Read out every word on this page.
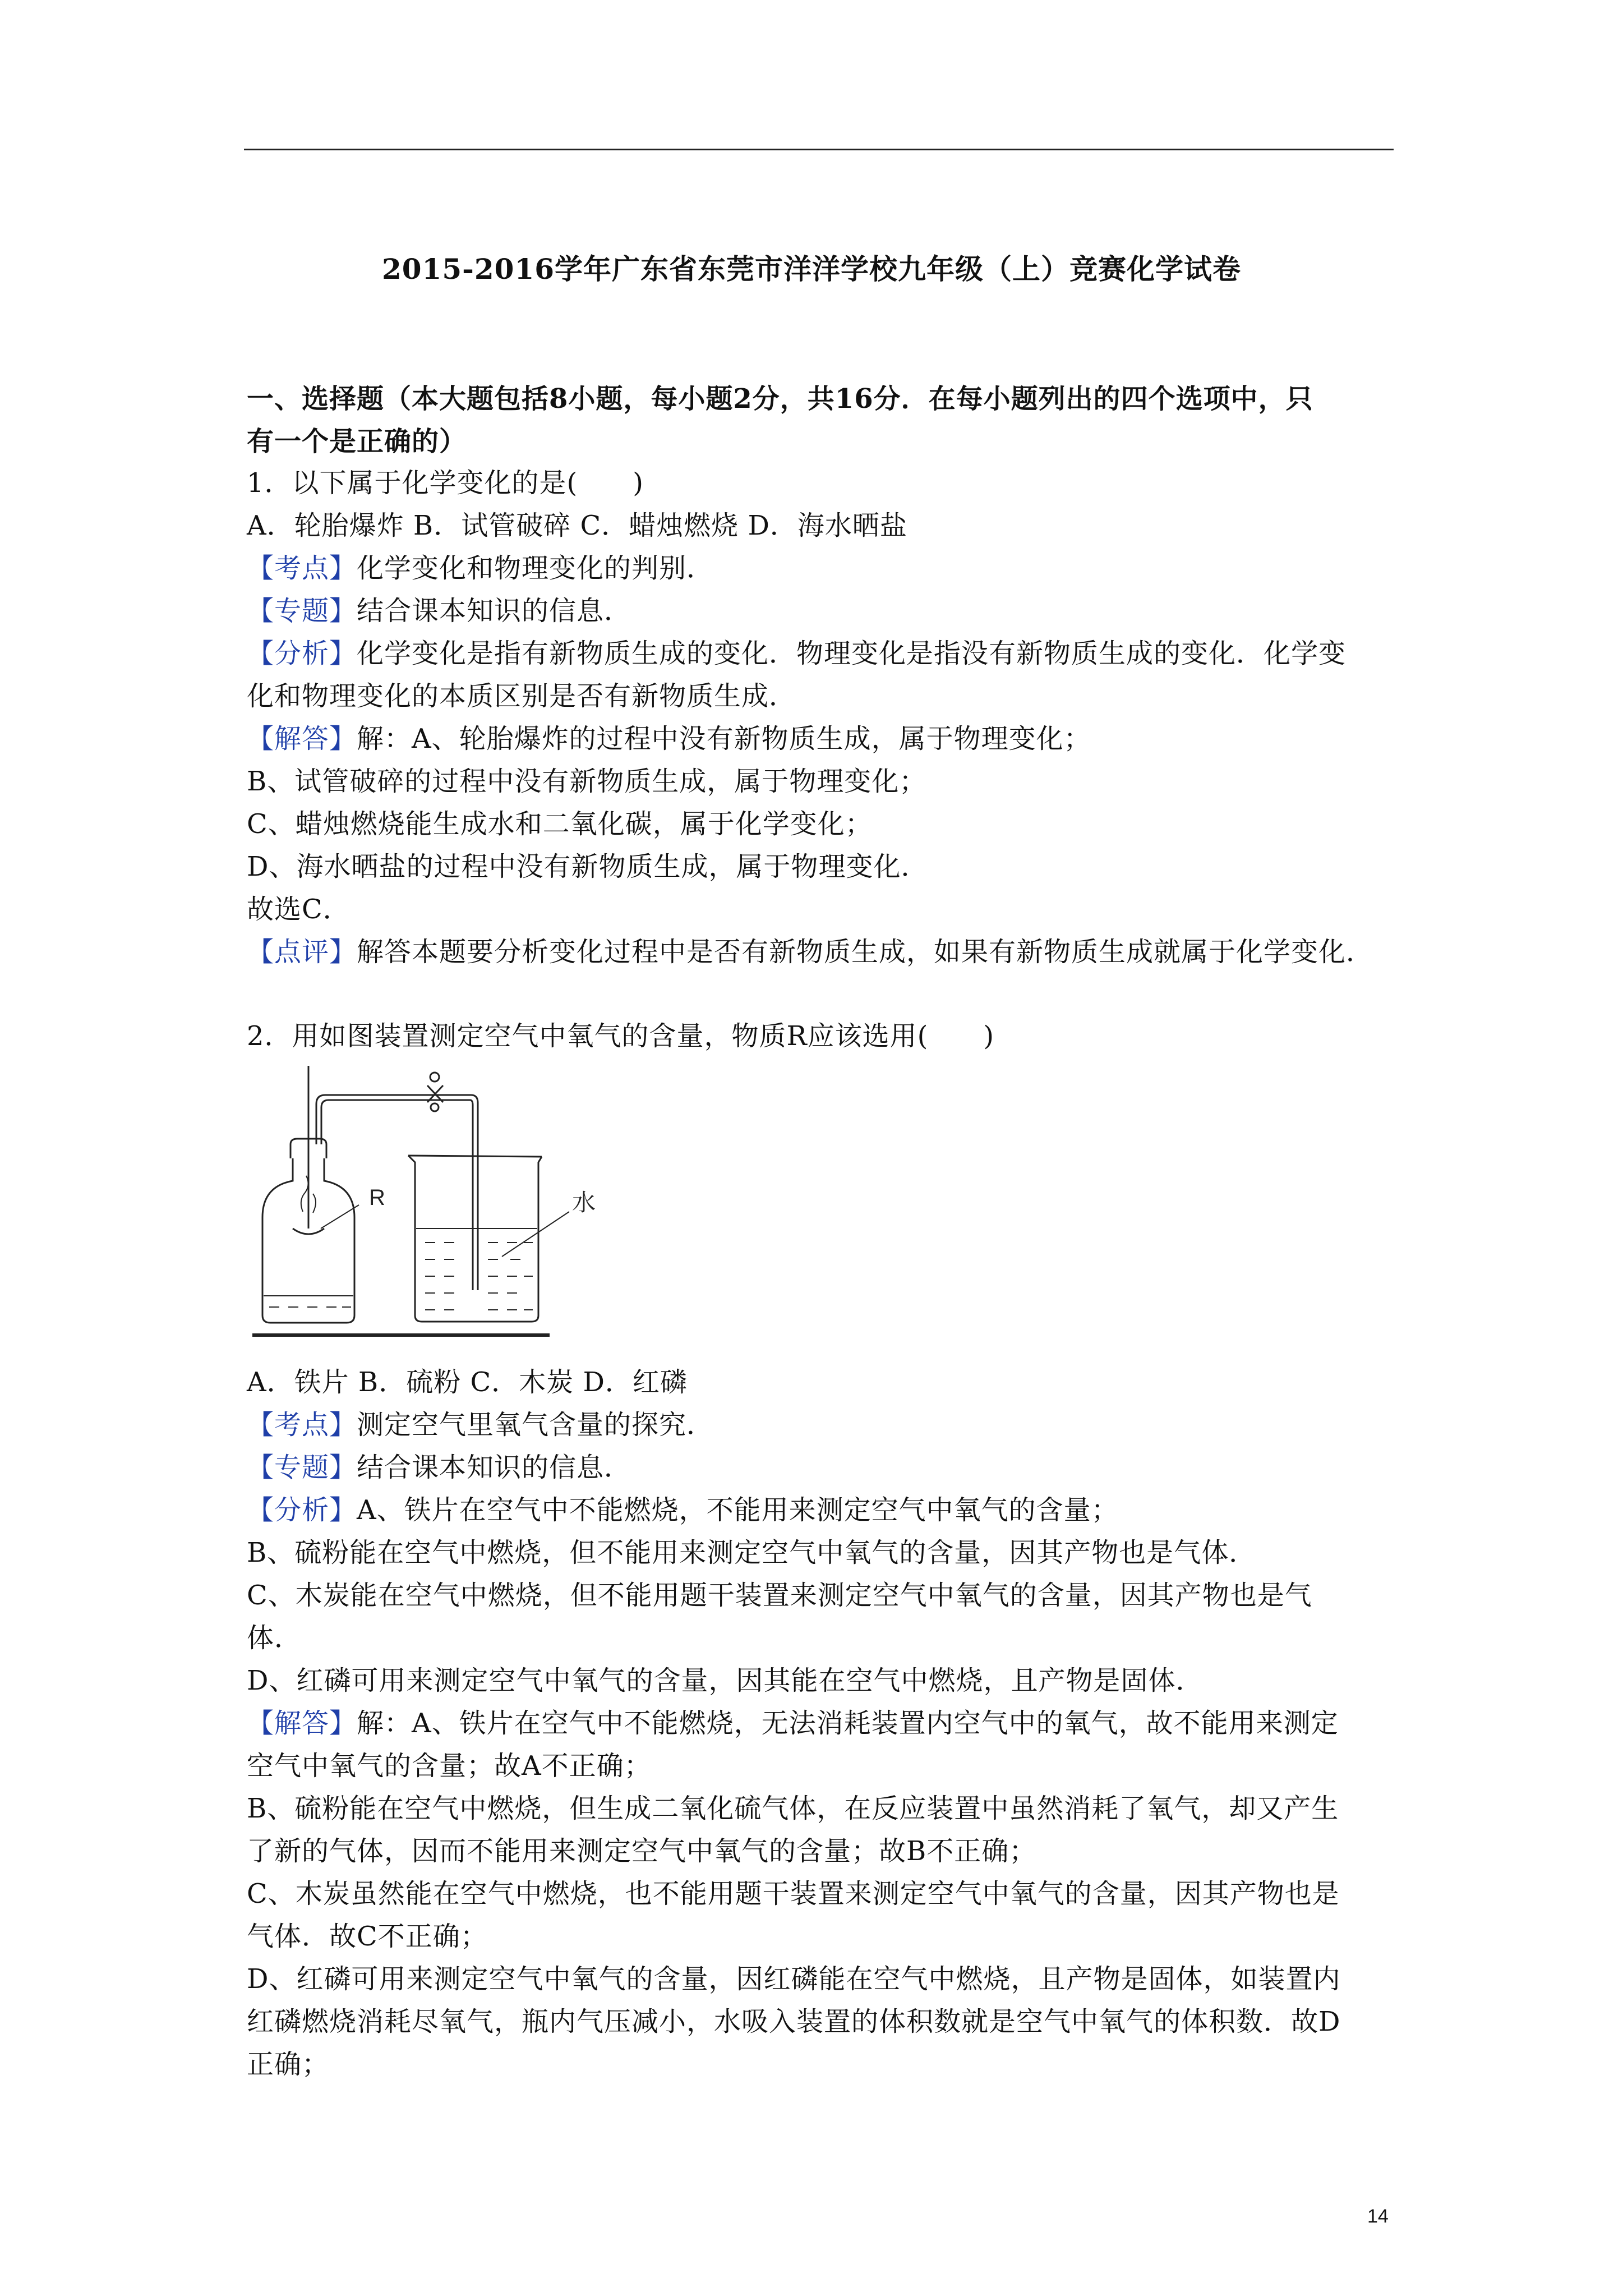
2015-2016学年广东省东莞市洋洋学校九年级（上）竞赛化学试卷
一、选择题（本大题包括8小题，每小题2分，共16分．在每小题列出的四个选项中，只
有一个是正确的）
1．以下属于化学变化的是(　　)
A．轮胎爆炸 B．试管破碎 C．蜡烛燃烧 D．海水晒盐
【考点】化学变化和物理变化的判别．
【专题】结合课本知识的信息．
【分析】化学变化是指有新物质生成的变化．物理变化是指没有新物质生成的变化．化学变
化和物理变化的本质区别是否有新物质生成．
【解答】解：A、轮胎爆炸的过程中没有新物质生成，属于物理变化；
B、试管破碎的过程中没有新物质生成，属于物理变化；
C、蜡烛燃烧能生成水和二氧化碳，属于化学变化；
D、海水晒盐的过程中没有新物质生成，属于物理变化．
故选C．
【点评】解答本题要分析变化过程中是否有新物质生成，如果有新物质生成就属于化学变化．
2．用如图装置测定空气中氧气的含量，物质R应该选用(　　)
R	水
A．铁片 B．硫粉 C．木炭 D．红磷
【考点】测定空气里氧气含量的探究．
【专题】结合课本知识的信息．
【分析】A、铁片在空气中不能燃烧，不能用来测定空气中氧气的含量；
B、硫粉能在空气中燃烧，但不能用来测定空气中氧气的含量，因其产物也是气体．
C、木炭能在空气中燃烧，但不能用题干装置来测定空气中氧气的含量，因其产物也是气
体．
D、红磷可用来测定空气中氧气的含量，因其能在空气中燃烧，且产物是固体．
【解答】解：A、铁片在空气中不能燃烧，无法消耗装置内空气中的氧气，故不能用来测定
空气中氧气的含量；故A不正确；
B、硫粉能在空气中燃烧，但生成二氧化硫气体，在反应装置中虽然消耗了氧气，却又产生
了新的气体，因而不能用来测定空气中氧气的含量；故B不正确；
C、木炭虽然能在空气中燃烧，也不能用题干装置来测定空气中氧气的含量，因其产物也是
气体．故C不正确；
D、红磷可用来测定空气中氧气的含量，因红磷能在空气中燃烧，且产物是固体，如装置内
红磷燃烧消耗尽氧气，瓶内气压减小，水吸入装置的体积数就是空气中氧气的体积数．故D
正确；
14
